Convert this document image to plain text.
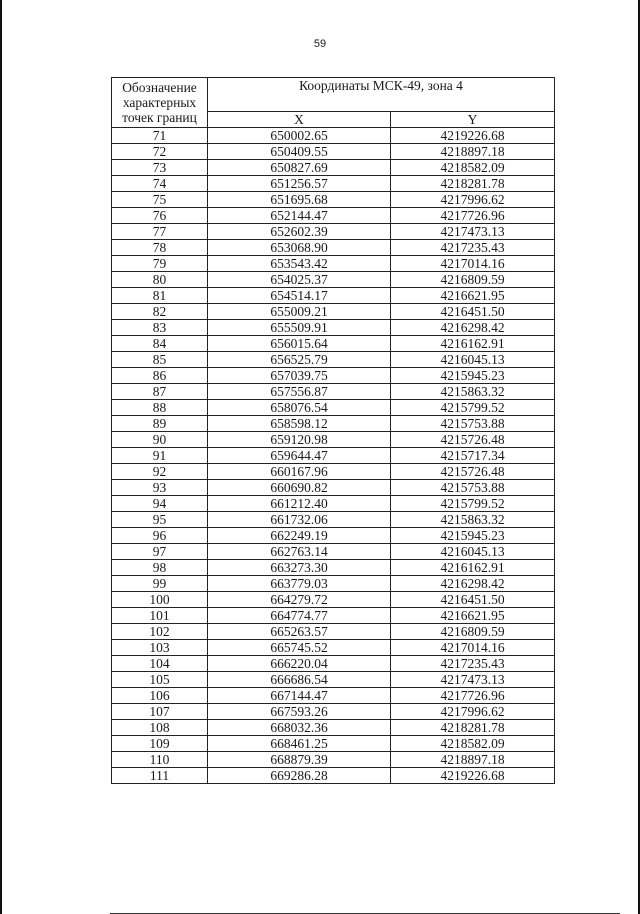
59
Обозначение характерных точек границ	Координаты МСК-49, зона 4	
	X	Y
71	650002.65	4219226.68
72	650409.55	4218897.18
73	650827.69	4218582.09
74	651256.57	4218281.78
75	651695.68	4217996.62
76	652144.47	4217726.96
77	652602.39	4217473.13
78	653068.90	4217235.43
79	653543.42	4217014.16
80	654025.37	4216809.59
81	654514.17	4216621.95
82	655009.21	4216451.50
83	655509.91	4216298.42
84	656015.64	4216162.91
85	656525.79	4216045.13
86	657039.75	4215945.23
87	657556.87	4215863.32
88	658076.54	4215799.52
89	658598.12	4215753.88
90	659120.98	4215726.48
91	659644.47	4215717.34
92	660167.96	4215726.48
93	660690.82	4215753.88
94	661212.40	4215799.52
95	661732.06	4215863.32
96	662249.19	4215945.23
97	662763.14	4216045.13
98	663273.30	4216162.91
99	663779.03	4216298.42
100	664279.72	4216451.50
101	664774.77	4216621.95
102	665263.57	4216809.59
103	665745.52	4217014.16
104	666220.04	4217235.43
105	666686.54	4217473.13
106	667144.47	4217726.96
107	667593.26	4217996.62
108	668032.36	4218281.78
109	668461.25	4218582.09
110	668879.39	4218897.18
111	669286.28	4219226.68
